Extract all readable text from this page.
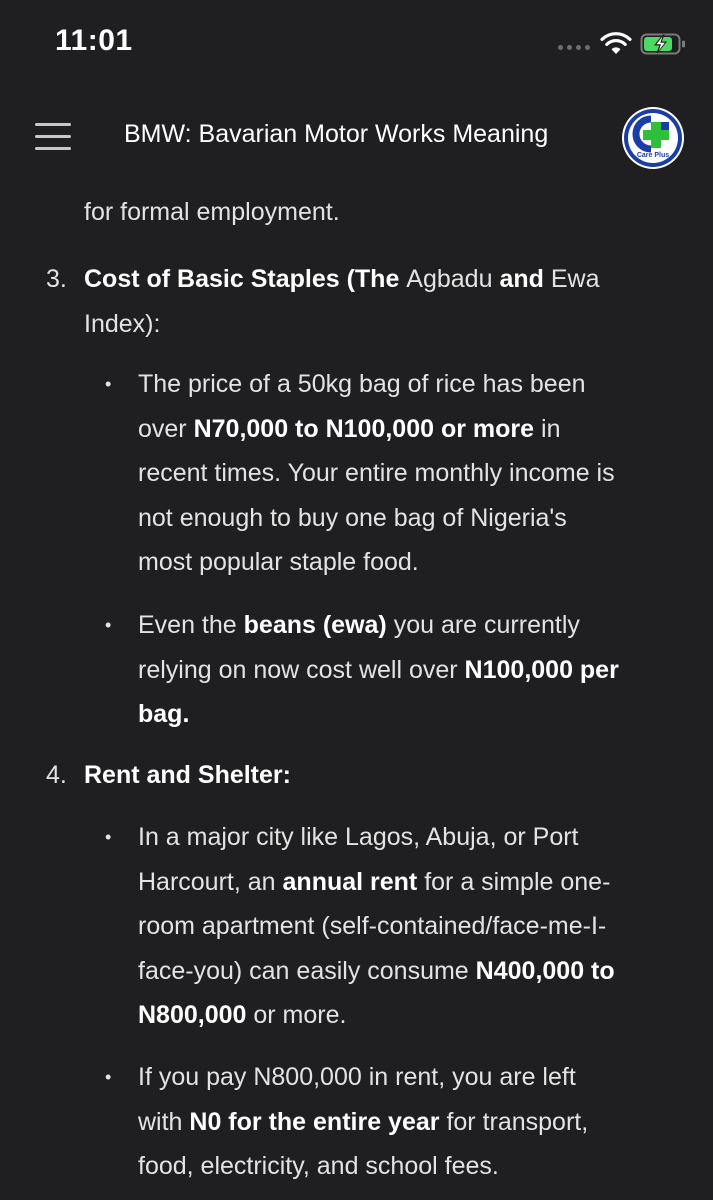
11:01
BMW: Bavarian Motor Works Meaning
Care Plus
for formal employment.
3. Cost of Basic Staples (The Agbadu and Ewa
Index):
• The price of a 50kg bag of rice has been
over N70,000 to N100,000 or more in
recent times. Your entire monthly income is
not enough to buy one bag of Nigeria's
most popular staple food.
• Even the beans (ewa) you are currently
relying on now cost well over N100,000 per
bag.
4. Rent and Shelter:
• In a major city like Lagos, Abuja, or Port
Harcourt, an annual rent for a simple one-
room apartment (self-contained/face-me-I-
face-you) can easily consume N400,000 to
N800,000 or more.
• If you pay N800,000 in rent, you are left
with N0 for the entire year for transport,
food, electricity, and school fees.
